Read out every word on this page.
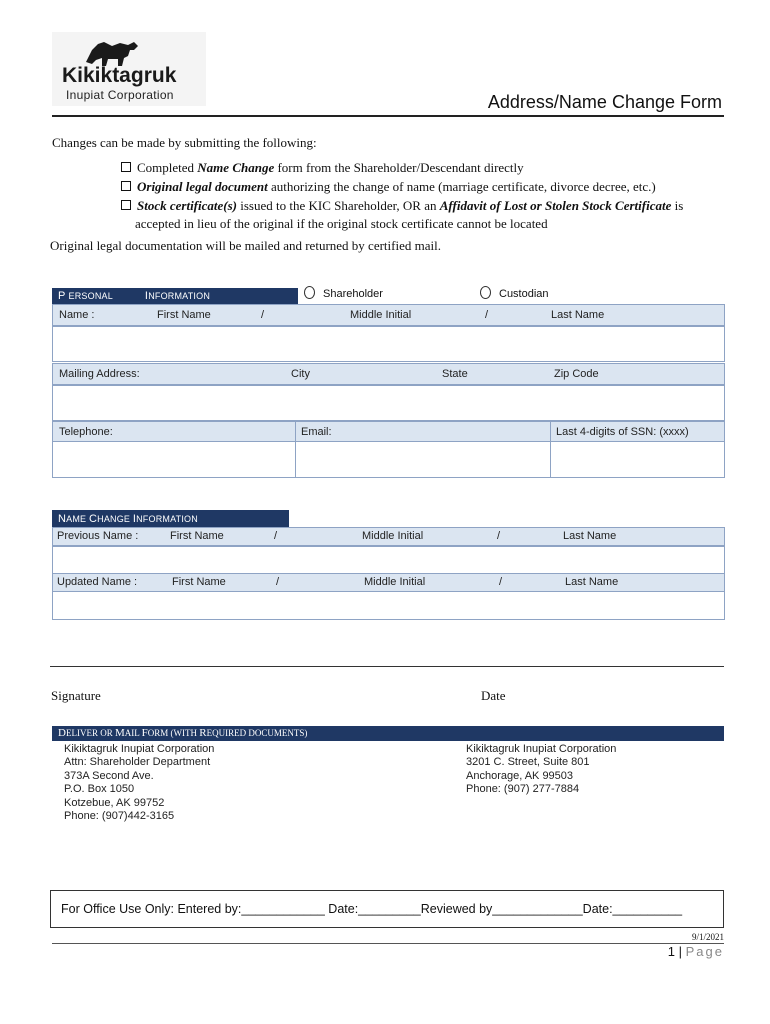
Kikiktagruk
Inupiat Corporation	Address/Name Change Form
Changes can be made by submitting the following:
Completed Name Change form from the Shareholder/Descendant directly
Original legal document authorizing the change of name (marriage certificate, divorce decree, etc.)
Stock certificate(s) issued to the KIC Shareholder, OR an Affidavit of Lost or Stolen Stock Certificate is
accepted in lieu of the original if the original stock certificate cannot be located
Original legal documentation will be mailed and returned by certified mail.
P ERSONAL	INFORMATION	Shareholder	Custodian
Name :	First Name	/	Middle Initial	/	Last Name
Mailing Address:	City	State	Zip Code
Telephone:	Email:	Last 4-digits of SSN: (xxxx)
NAME CHANGE INFORMATION
Previous Name :	First Name	/	Middle Initial	/	Last Name
Updated Name :	First Name	/	Middle Initial	/	Last Name
Signature	Date
DELIVER OR MAIL FORM (WITH REQUIRED DOCUMENTS)
Kikiktagruk Inupiat Corporation
Attn: Shareholder Department
373A Second Ave.
P.O. Box 1050
Kotzebue, AK 99752
Phone: (907)442-3165
Kikiktagruk Inupiat Corporation
3201 C. Street, Suite 801
Anchorage, AK 99503
Phone: (907) 277-7884
For Office Use Only: Entered by:____________ Date:_________Reviewed by_____________Date:__________
9/1/2021
1 | Page
